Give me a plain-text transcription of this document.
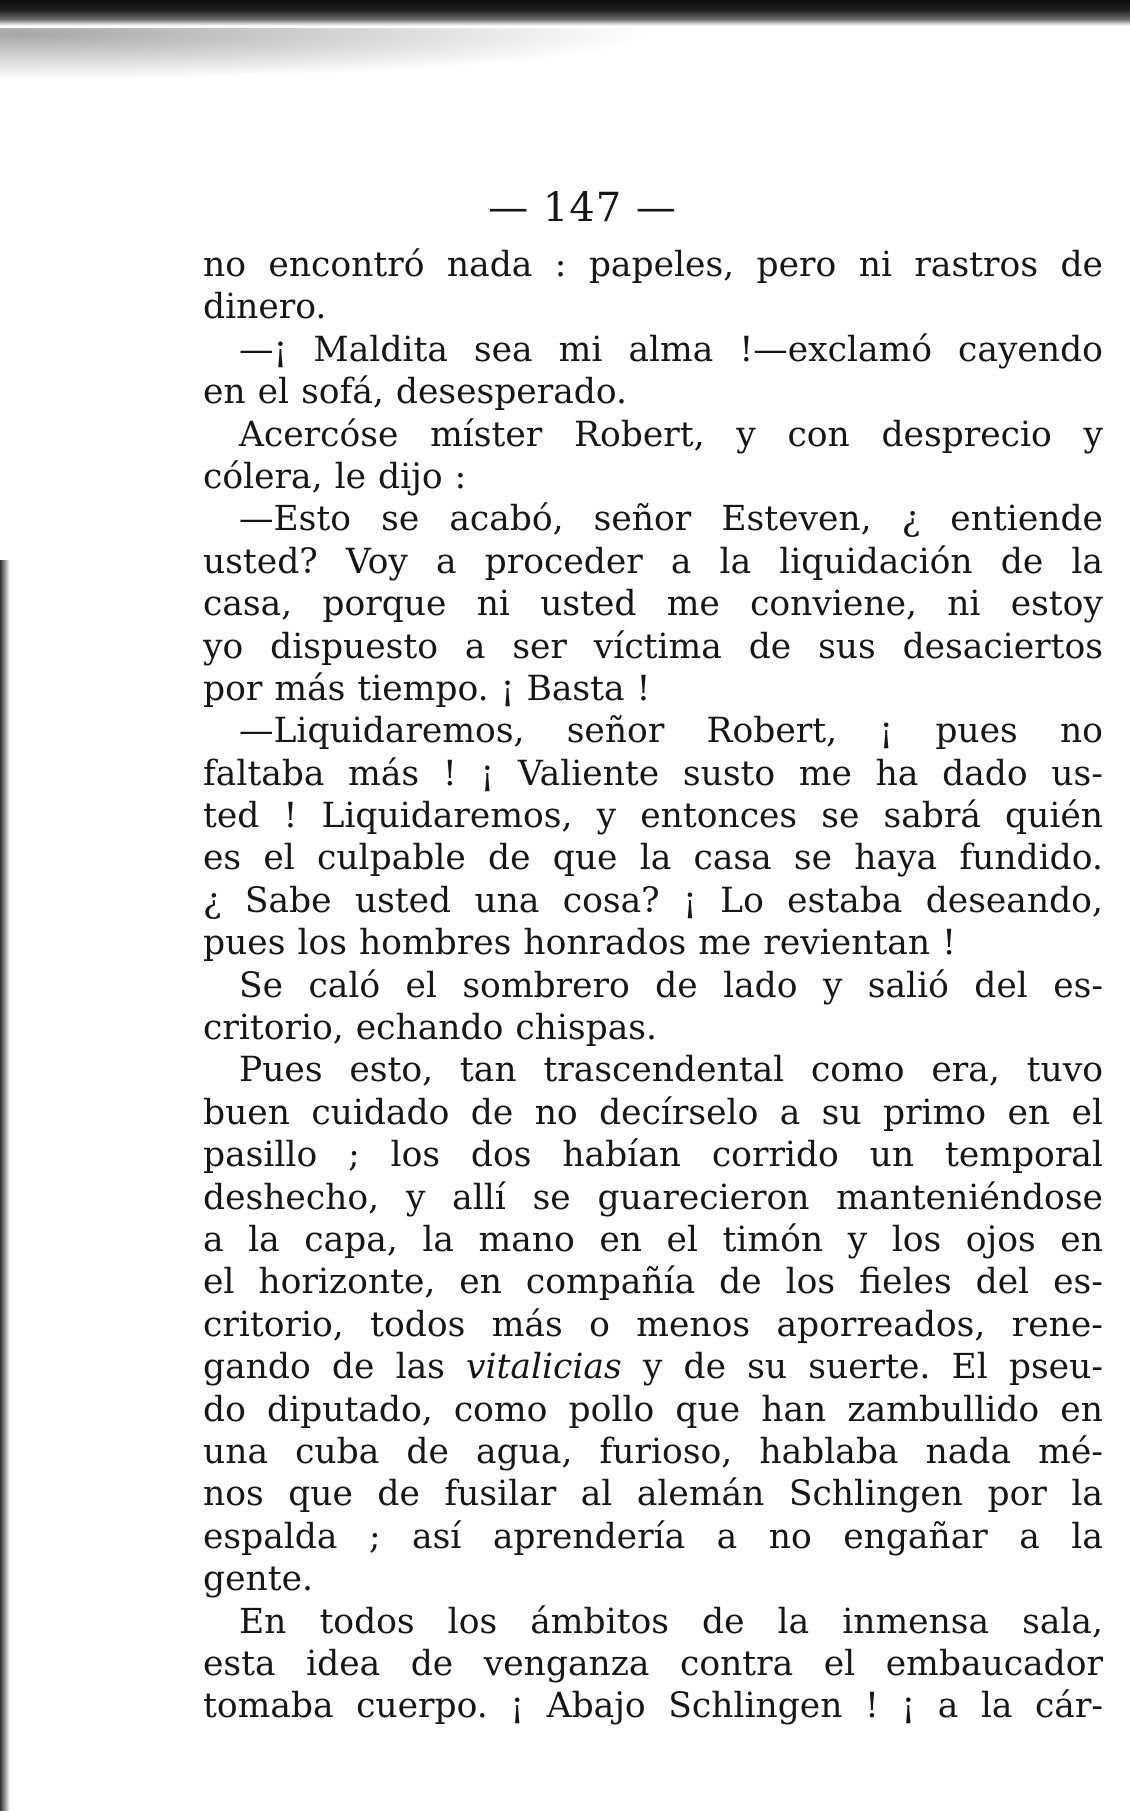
— 147 —
no encontró nada : papeles, pero ni rastros de
dinero.
—¡ Maldita sea mi alma !—exclamó cayendo
en el sofá, desesperado.
Acercóse míster Robert, y con desprecio y
cólera, le dijo :
—Esto se acabó, señor Esteven, ¿ entiende
usted? Voy a proceder a la liquidación de la
casa, porque ni usted me conviene, ni estoy
yo dispuesto a ser víctima de sus desaciertos
por más tiempo. ¡ Basta !
—Liquidaremos, señor Robert, ¡ pues no
faltaba más ! ¡ Valiente susto me ha dado us-
ted ! Liquidaremos, y entonces se sabrá quién
es el culpable de que la casa se haya fundido.
¿ Sabe usted una cosa? ¡ Lo estaba deseando,
pues los hombres honrados me revientan !
Se caló el sombrero de lado y salió del es-
critorio, echando chispas.
Pues esto, tan trascendental como era, tuvo
buen cuidado de no decírselo a su primo en el
pasillo ; los dos habían corrido un temporal
deshecho, y allí se guarecieron manteniéndose
a la capa, la mano en el timón y los ojos en
el horizonte, en compañía de los fieles del es-
critorio, todos más o menos aporreados, rene-
gando de las vitalicias y de su suerte. El pseu-
do diputado, como pollo que han zambullido en
una cuba de agua, furioso, hablaba nada mé-
nos que de fusilar al alemán Schlingen por la
espalda ; así aprendería a no engañar a la
gente.
En todos los ámbitos de la inmensa sala,
esta idea de venganza contra el embaucador
tomaba cuerpo. ¡ Abajo Schlingen ! ¡ a la cár-
